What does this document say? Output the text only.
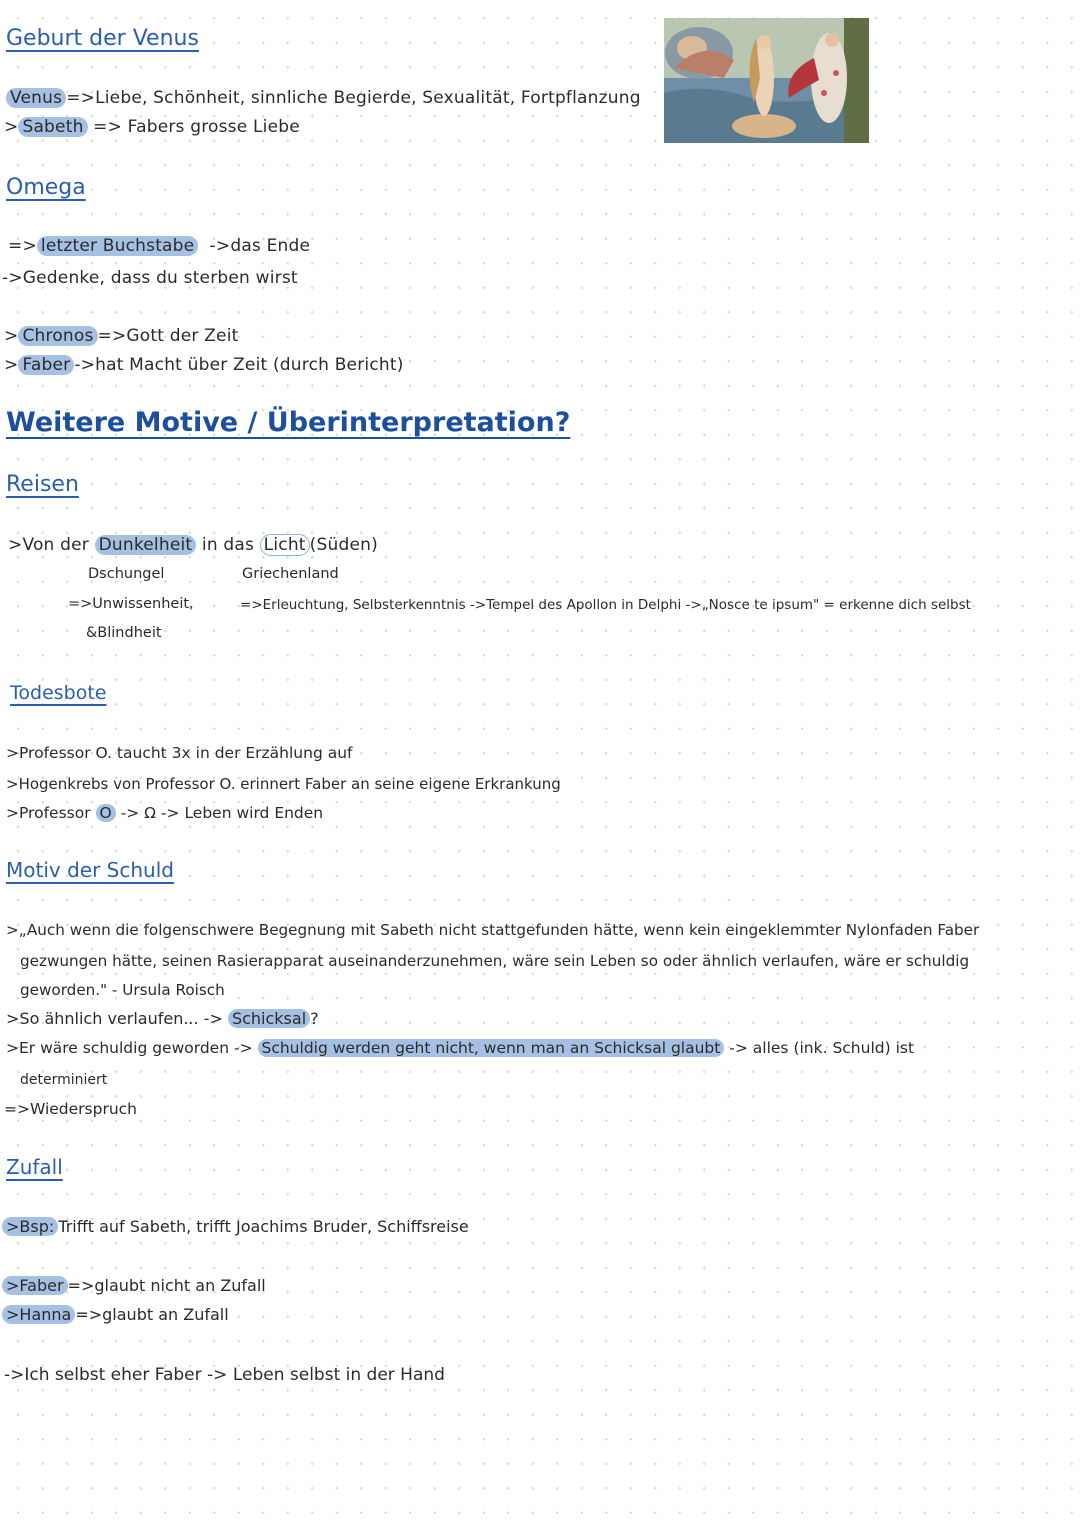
Geburt der Venus
Venus =>Liebe, Schönheit, sinnliche Begierde, Sexualität, Fortpflanzung
> Sabeth => Fabers grosse Liebe
Omega
=> letzter Buchstabe ->das Ende
->Gedenke, dass du sterben wirst
> Chronos =>Gott der Zeit
> Faber ->hat Macht über Zeit (durch Bericht)
Weitere Motive / Überinterpretation?
Reisen
>Von der Dunkelheit in das Licht (Süden)
Dschungel	Griechenland
=>Unwissenheit,
&Blindheit
=>Erleuchtung, Selbsterkenntnis ->Tempel des Apollon in Delphi ->„Nosce te ipsum" = erkenne dich selbst
Todesbote
>Professor O. taucht 3x in der Erzählung auf
>Hogenkrebs von Professor O. erinnert Faber an seine eigene Erkrankung
>Professor O -> Ω -> Leben wird Enden
Motiv der Schuld
>„Auch wenn die folgenschwere Begegnung mit Sabeth nicht stattgefunden hätte, wenn kein eingeklemmter Nylonfaden Faber
gezwungen hätte, seinen Rasierapparat auseinanderzunehmen, wäre sein Leben so oder ähnlich verlaufen, wäre er schuldig
geworden." - Ursula Roisch
>So ähnlich verlaufen... -> Schicksal ?
>Er wäre schuldig geworden -> Schuldig werden geht nicht, wenn man an Schicksal glaubt -> alles (ink. Schuld) ist
determiniert
=>Wiederspruch
Zufall
>Bsp: Trifft auf Sabeth, trifft Joachims Bruder, Schiffsreise
>Faber =>glaubt nicht an Zufall
>Hanna =>glaubt an Zufall
->Ich selbst eher Faber -> Leben selbst in der Hand
